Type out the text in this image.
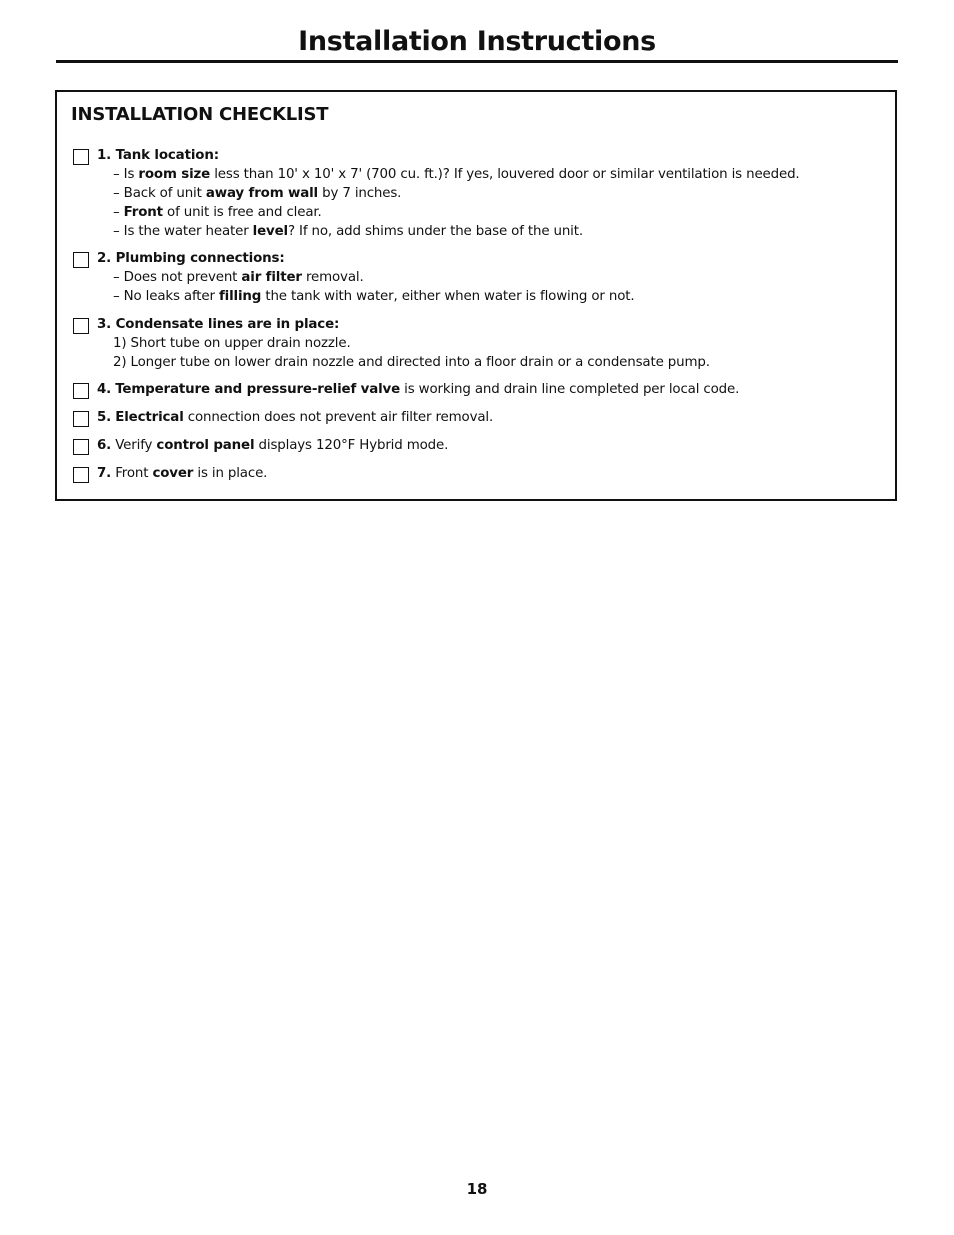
Installation Instructions
INSTALLATION CHECKLIST
1. Tank location:
– Is room size less than 10' x 10' x 7' (700 cu. ft.)? If yes, louvered door or similar ventilation is needed.
– Back of unit away from wall by 7 inches.
– Front of unit is free and clear.
– Is the water heater level? If no, add shims under the base of the unit.
2. Plumbing connections:
– Does not prevent air filter removal.
– No leaks after filling the tank with water, either when water is flowing or not.
3. Condensate lines are in place:
1) Short tube on upper drain nozzle.
2) Longer tube on lower drain nozzle and directed into a floor drain or a condensate pump.
4. Temperature and pressure-relief valve is working and drain line completed per local code.
5. Electrical connection does not prevent air filter removal.
6. Verify control panel displays 120°F Hybrid mode.
7. Front cover is in place.
18
